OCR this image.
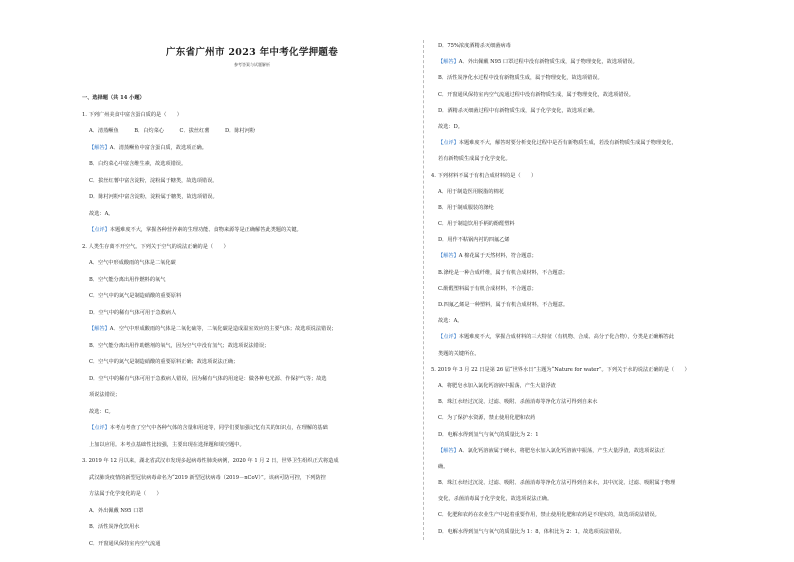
广东省广州市 2023 年中考化学押题卷
参考答案与试题解析
一、选择题（共 14 小题）
1. 下列广州美食中富含蛋白质的是（　　）
A．清蒸鳜鱼　　　B．白灼菜心　　　C．拔丝红薯　　　D．陈村河粉
【解答】A．清蒸鳜鱼中富含蛋白质，故选项正确。
B．白灼菜心中富含维生素，故选项错误。
C．拔丝红薯中富含淀粉，淀粉属于糖类，故选项错误。
D．陈村河粉中富含淀粉，淀粉属于糖类，故选项错误。
故选：A。
【点评】本题难度不大，掌握各种营养素的生理功能、食物来源等是正确解答此类题的关键。
2. 人类生存离不开空气。下列关于空气的说法正确的是（　　）
A．空气中形成酸雨的气体是二氧化碳
B．空气能分离出用作燃料的氧气
C．空气中的氮气是制造硝酸的重要原料
D．空气中的稀有气体可用于急救病人
【解答】A．空气中形成酸雨的气体是二氧化硫等，二氧化碳是造成温室效应的主要气体；故选项说法错误；
B．空气能分离出用作助燃剂的氧气，因为空气中没有氢气；故选项说法错误；
C．空气中的氮气是制造硝酸的重要原料正确；故选项说法正确；
D．空气中的稀有气体可用于急救病人错误，因为稀有气体的用途是：做各种电光源、作保护气等；故选
项说法错误；
故选：C。
【点评】本考点考查了空气中各种气体的含量和用途等，同学们要加强记忆有关的知识点，在理解的基础
上加以应用。本考点基础性比较强，主要出现在选择题和填空题中。
3. 2019 年 12 月以来，湖北省武汉市发现多起病毒性肺炎病例，2020 年 1 月 2 日，世界卫生组织正式将造成
武汉肺炎疫情的新型冠状病毒命名为“2019 新型冠状病毒（2019－nCoV）”。该病可防可控，下列防控
方法属于化学变化的是（　　）
A．外出佩戴 N95 口罩
B．活性炭净化饮用水
C．开窗通风保持室内空气流通
D．75%浓度酒精杀灭细菌病毒
【解答】A．外出佩戴 N95 口罩过程中没有新物质生成，属于物理变化，故选项错误。
B．活性炭净化水过程中没有新物质生成，属于物理变化，故选项错误。
C．开窗通风保持室内空气流通过程中没有新物质生成，属于物理变化，故选项错误。
D．酒精杀灭细菌过程中有新物质生成，属于化学变化，故选项正确。
故选：D。
【点评】本题难度不大，解答时要分析变化过程中是否有新物质生成，若没有新物质生成属于物理变化，
若有新物质生成属于化学变化。
4. 下列材料不属于有机合成材料的是（　　）
A．用于制造医用脱脂的棉花
B．用于制成服装的涤纶
C．用于制造饮用手柄的酚醛塑料
D．用作不粘锅内衬的四氟乙烯
【解答】A 棉花属于天然材料，符合题意；
B.涤纶是一种合成纤维，属于有机合成材料，不合题意；
C.酚醛塑料属于有机合成材料，不合题意；
D.四氟乙烯是一种塑料，属于有机合成材料，不合题意。
故选：A。
【点评】本题难度不大，掌握合成材料的三大特征（有机物、合成、高分子化合物），分类是正确解答此
类题的关键所在。
5. 2019 年 3 月 22 日是第 26 届“世界水日”主题为“Nature for water”。下列关于水的说法正确的是（　　）
A．将肥皂水加入氯化钙溶液中振荡，产生大量浮渣
B．珠江水经过沉淀、过滤、吸附、杀菌消毒等净化方法可得到自来水
C．为了保护水资源，禁止使用化肥和农药
D．电解水得到氢气与氧气的质量比为 2：1
【解答】A．氯化钙溶液属于硬水，将肥皂水加入氯化钙溶液中振荡，产生大量浮渣，故选项说法正
确。
B．珠江水经过沉淀、过滤、吸附、杀菌消毒等净化方法可得到自来水，其中沉淀、过滤、吸附属于物理
变化，杀菌消毒属于化学变化，故选项说法正确。
C．化肥和农药在农业生产中起着重要作用，禁止使用化肥和农药是不现实的，故选项说法错误。
D．电解水得到氢气与氧气的质量比为 1：8，体积比为 2：1，故选项说法错误。
